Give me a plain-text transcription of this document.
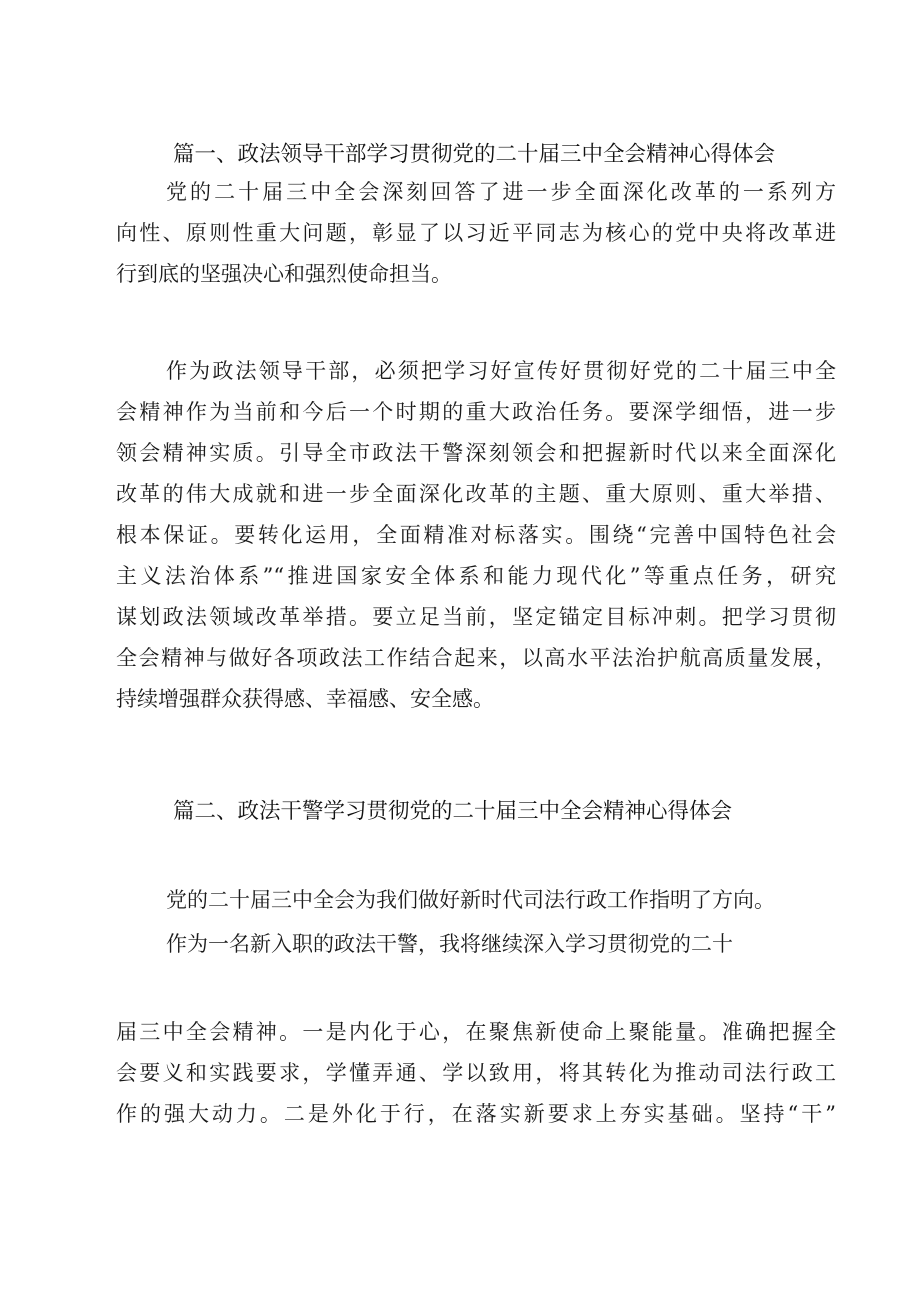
篇一、政法领导干部学习贯彻党的二十届三中全会精神心得体会
党的二十届三中全会深刻回答了进一步全面深化改革的一系列方
向性、原则性重大问题，彰显了以习近平同志为核心的党中央将改革进
行到底的坚强决心和强烈使命担当。
作为政法领导干部，必须把学习好宣传好贯彻好党的二十届三中全
会精神作为当前和今后一个时期的重大政治任务。要深学细悟，进一步
领会精神实质。引导全市政法干警深刻领会和把握新时代以来全面深化
改革的伟大成就和进一步全面深化改革的主题、重大原则、重大举措、
根本保证。要转化运用，全面精准对标落实。围绕“完善中国特色社会
主义法治体系”“推进国家安全体系和能力现代化”等重点任务，研究
谋划政法领域改革举措。要立足当前，坚定锚定目标冲刺。把学习贯彻
全会精神与做好各项政法工作结合起来，以高水平法治护航高质量发展，
持续增强群众获得感、幸福感、安全感。
篇二、政法干警学习贯彻党的二十届三中全会精神心得体会
党的二十届三中全会为我们做好新时代司法行政工作指明了方向。
作为一名新入职的政法干警，我将继续深入学习贯彻党的二十
届三中全会精神。一是内化于心，在聚焦新使命上聚能量。准确把握全
会要义和实践要求，学懂弄通、学以致用，将其转化为推动司法行政工
作的强大动力。二是外化于行，在落实新要求上夯实基础。坚持“干”
